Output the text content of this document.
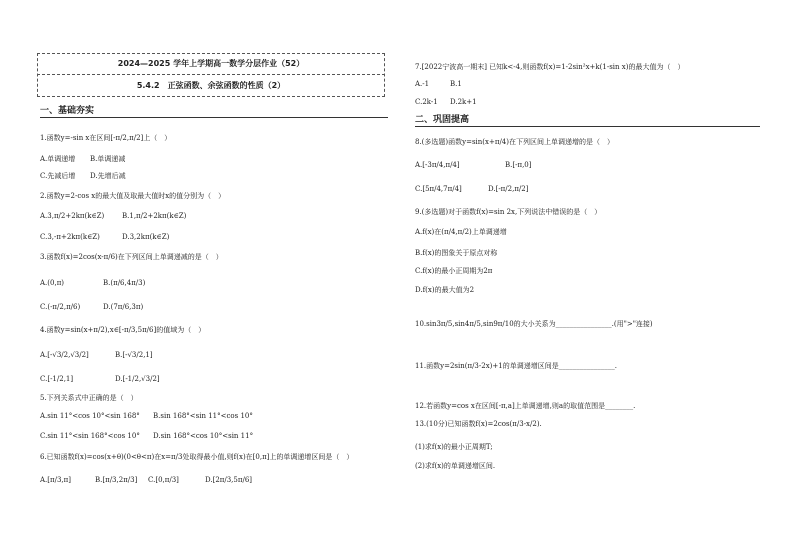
2024—2025 学年上学期高一数学分层作业（52）
5.4.2　正弦函数、余弦函数的性质（2）
一、基础夯实
1.函数y=-sin x在区间[-π/2,π/2]上（　）
A.单调递增 B.单调递减
C.先减后增 D.先增后减
2.函数y=2-cos x的最大值及取最大值时x的值分别为（　）
A.3,π/2+2kπ(k∈Z)	B.1,π/2+2kπ(k∈Z)
C.3,-π+2kπ(k∈Z)	D.3,2kπ(k∈Z)
3.函数f(x)=2cos(x-π/6)在下列区间上单调递减的是（　）
A.(0,π)	B.(π/6,4π/3)
C.(-π/2,π/6)	D.(7π/6,3π)
4.函数y=sin(x+π/2),x∈[-π/3,5π/6]的值域为（　）
A.[-√3/2,√3/2]	B.[-√3/2,1]
C.[-1/2,1]	D.[-1/2,√3/2]
5.下列关系式中正确的是（　）
A.sin 11°<cos 10°<sin 168° B.sin 168°<sin 11°<cos 10°
C.sin 11°<sin 168°<cos 10° D.sin 168°<cos 10°<sin 11°
6.已知函数f(x)=cos(x+θ)(0<θ<π)在x=π/3处取得最小值,则f(x)在[0,π]上的单调递增区间是（　）
A.[π/3,π]	B.[π/3,2π/3] C.[0,π/3]	D.[2π/3,5π/6]
7.[2022宁波高一期末] 已知k<-4,则函数f(x)=1-2sin²x+k(1-sin x)的最大值为（　）
A.-1	B.1
C.2k-1 D.2k+1
二、巩固提高
8.(多选题)函数y=sin(x+π/4)在下列区间上单调递增的是（　）
A.[-3π/4,π/4]	B.[-π,0]
C.[5π/4,7π/4]	D.[-π/2,π/2]
9.(多选题)对于函数f(x)=sin 2x,下列说法中错误的是（　）
A.f(x)在(π/4,π/2)上单调递增
B.f(x)的图象关于原点对称
C.f(x)的最小正周期为2π
D.f(x)的最大值为2
10.sin3π/5,sin4π/5,sin9π/10的大小关系为________________.(用">"连接)
11.函数y=2sin(π/3-2x)+1的单调递增区间是________________.
12.若函数y=cos x在区间[-π,a]上单调递增,则a的取值范围是________.
13.(10分)已知函数f(x)=2cos(π/3-x/2).
(1)求f(x)的最小正周期T;
(2)求f(x)的单调递增区间.
